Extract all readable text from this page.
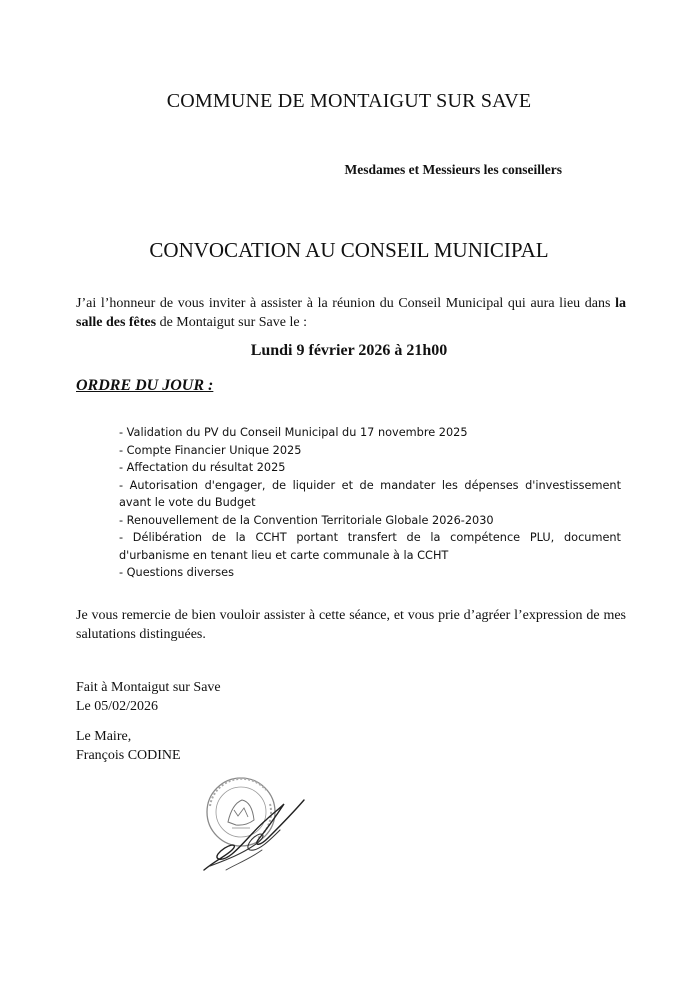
COMMUNE DE MONTAIGUT SUR SAVE
Mesdames et Messieurs les conseillers
CONVOCATION AU CONSEIL MUNICIPAL
J’ai l’honneur de vous inviter à assister à la réunion du Conseil Municipal qui aura lieu dans la salle des fêtes de Montaigut sur Save le :
Lundi 9 février 2026 à 21h00
ORDRE DU JOUR :
- Validation du PV du Conseil Municipal du 17 novembre 2025
- Compte Financier Unique 2025
- Affectation du résultat 2025
- Autorisation d'engager, de liquider et de mandater les dépenses d'investissement avant le vote du Budget
- Renouvellement de la Convention Territoriale Globale 2026-2030
- Délibération de la CCHT portant transfert de la compétence PLU, document d'urbanisme en tenant lieu et carte communale à la CCHT
- Questions diverses
Je vous remercie de bien vouloir assister à cette séance, et vous prie d’agréer l’expression de mes salutations distinguées.
Fait à Montaigut sur Save
Le 05/02/2026
Le Maire,
François CODINE
